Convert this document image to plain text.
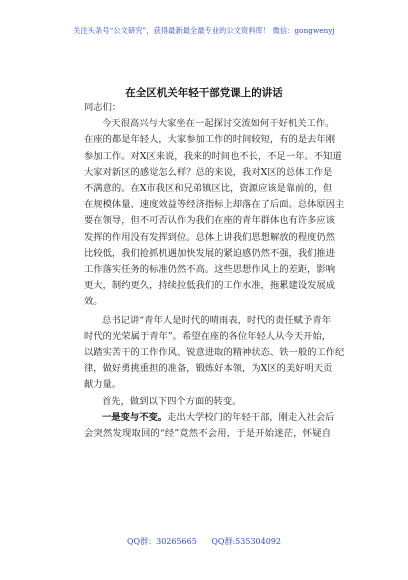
关注头条号“公文研究”，获得最新最全最专业的公文资料库！ 微信：gongwenyj
在全区机关年轻干部党课上的讲话

同志们：

今天很高兴与大家坐在一起探讨交流如何干好机关工作。
在座的都是年轻人，大家参加工作的时间较短，有的是去年刚
参加工作。对X区来说，我来的时间也不长，不足一年。不知道
大家对新区的感觉怎么样？总的来说，我对X区的总体工作是
不满意的。在X市我区和兄弟镇区比，资源应该是靠前的，但
在规模体量、速度效益等经济指标上却落在了后面。总体原因主
要在领导，但不可否认作为我们在座的青年群体也有许多应该
发挥的作用没有发挥到位。总体上讲我们思想解放的程度仍然
比较低，我们抢抓机遇加快发展的紧迫感仍然不强，我们推进
工作落实任务的标准仍然不高。这些思想作风上的差距，影响
更大，制约更久，持续拉低我们的工作水准，拖累建设发展成
效。

总书记讲“青年人是时代的晴雨表，时代的责任赋予青年
时代的光荣属于青年”。希望在座的各位年轻人从今天开始，
以踏实苦干的工作作风、锐意进取的精神状态、铁一般的工作纪
律，做好勇挑重担的准备，锻炼好本领，为X区的美好明天贡
献力量。

首先，做到以下四个方面的转变。

一是变与不变。走出大学校门的年轻干部，刚走入社会后
会突然发现取回的“经”竟然不会用，于是开始迷茫，怀疑自

QQ群：30265665 QQ群:535304092
